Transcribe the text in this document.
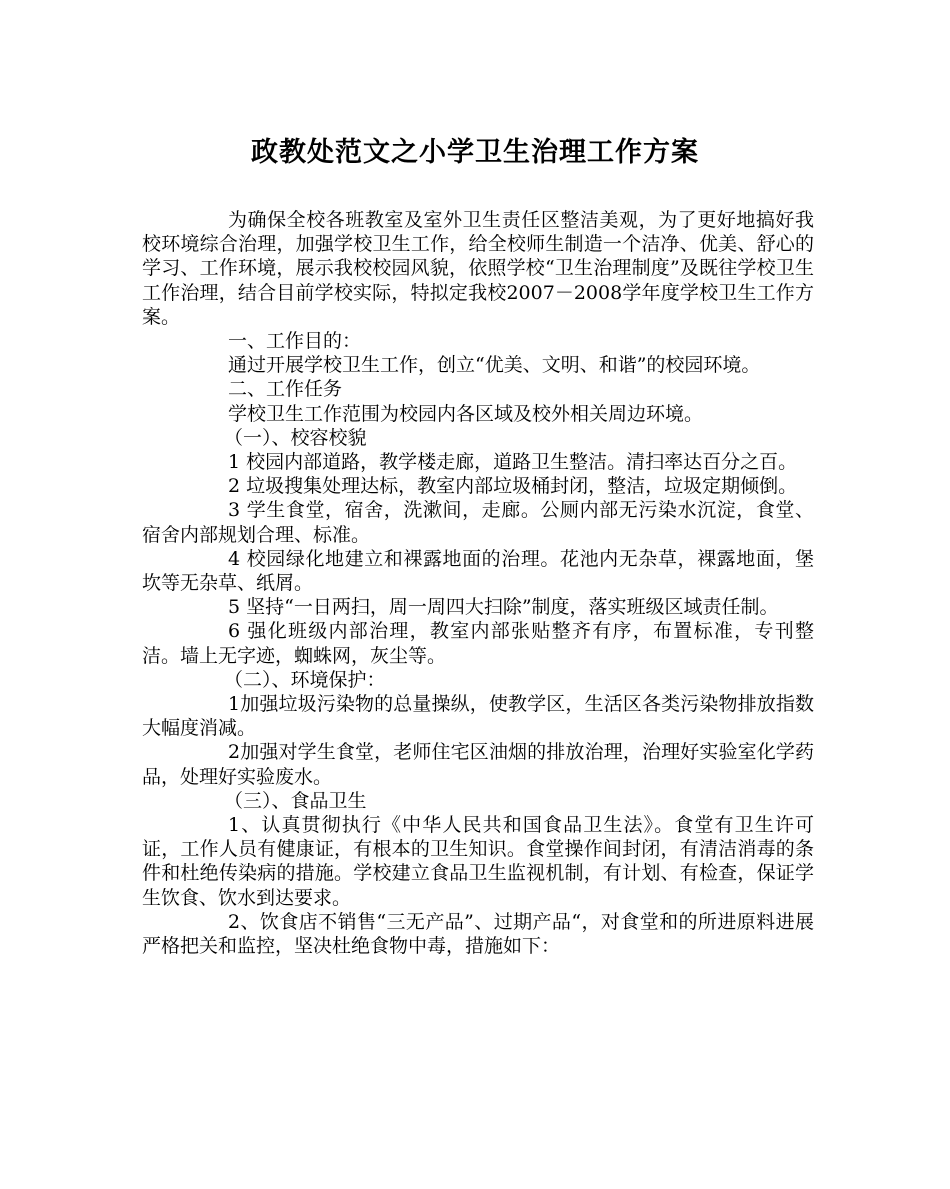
政教处范文之小学卫生治理工作方案

为确保全校各班教室及室外卫生责任区整洁美观，为了更好地搞好我校环境综合治理，加强学校卫生工作，给全校师生制造一个洁净、优美、舒心的学习、工作环境，展示我校校园风貌，依照学校“卫生治理制度”及既往学校卫生工作治理，结合目前学校实际，特拟定我校2007－2008学年度学校卫生工作方案。

一、工作目的：

通过开展学校卫生工作，创立“优美、文明、和谐”的校园环境。

二、工作任务

学校卫生工作范围为校园内各区域及校外相关周边环境。

（一）、校容校貌

1 校园内部道路，教学楼走廊，道路卫生整洁。清扫率达百分之百。

2 垃圾搜集处理达标，教室内部垃圾桶封闭，整洁，垃圾定期倾倒。

3 学生食堂，宿舍，洗漱间，走廊。公厕内部无污染水沉淀，食堂、宿舍内部规划合理、标准。

4 校园绿化地建立和裸露地面的治理。花池内无杂草，裸露地面，堡坎等无杂草、纸屑。

5 坚持“一日两扫，周一周四大扫除”制度，落实班级区域责任制。

6 强化班级内部治理，教室内部张贴整齐有序，布置标准，专刊整洁。墙上无字迹，蜘蛛网，灰尘等。

（二）、环境保护：

1加强垃圾污染物的总量操纵，使教学区，生活区各类污染物排放指数大幅度消减。

2加强对学生食堂，老师住宅区油烟的排放治理，治理好实验室化学药品，处理好实验废水。

（三）、食品卫生

1、认真贯彻执行《中华人民共和国食品卫生法》。食堂有卫生许可证，工作人员有健康证，有根本的卫生知识。食堂操作间封闭，有清洁消毒的条件和杜绝传染病的措施。学校建立食品卫生监视机制，有计划、有检查，保证学生饮食、饮水到达要求。

2、饮食店不销售“三无产品”、过期产品“，对食堂和的所进原料进展严格把关和监控，坚决杜绝食物中毒，措施如下：
